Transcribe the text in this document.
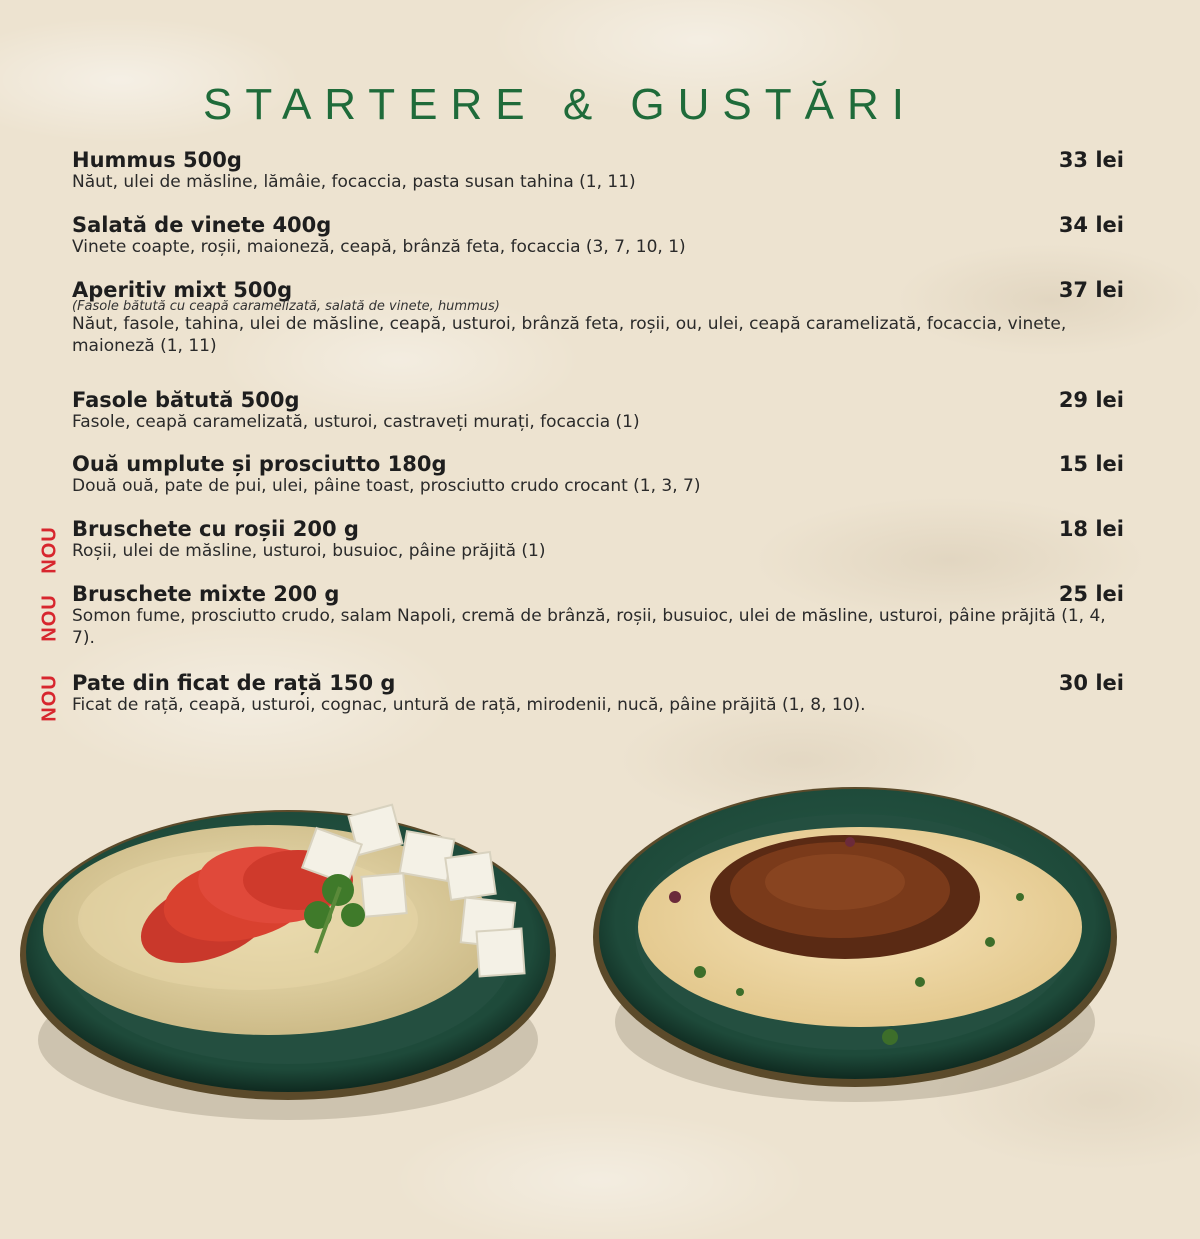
STARTERE & GUSTĂRI
Hummus 500g	33 lei
Năut, ulei de măsline, lămâie, focaccia, pasta susan tahina (1, 11)
Salată de vinete 400g	34 lei
Vinete coapte, roșii, maioneză, ceapă, brânză feta, focaccia (3, 7, 10, 1)
Aperitiv mixt 500g	37 lei
(Fasole bătută cu ceapă caramelizată, salată de vinete, hummus)
Năut, fasole, tahina, ulei de măsline, ceapă, usturoi, brânză feta, roșii, ou, ulei, ceapă caramelizată, focaccia, vinete, maioneză (1, 11)
Fasole bătută 500g	29 lei
Fasole, ceapă caramelizată, usturoi, castraveți murați, focaccia (1)
Ouă umplute și prosciutto 180g	15 lei
Două ouă, pate de pui, ulei, pâine toast, prosciutto crudo crocant (1, 3, 7)
NOU Bruschete cu roșii 200 g	18 lei
Roșii, ulei de măsline, usturoi, busuioc, pâine prăjită (1)
NOU
Bruschete mixte 200 g	25 lei
Somon fume, prosciutto crudo, salam Napoli, cremă de brânză, roșii, busuioc, ulei de măsline, usturoi, pâine prăjită (1, 4, 7).
NOU Pate din ficat de rață 150 g	30 lei
Ficat de rață, ceapă, usturoi, cognac, untură de rață, mirodenii, nucă, pâine prăjită (1, 8, 10).
